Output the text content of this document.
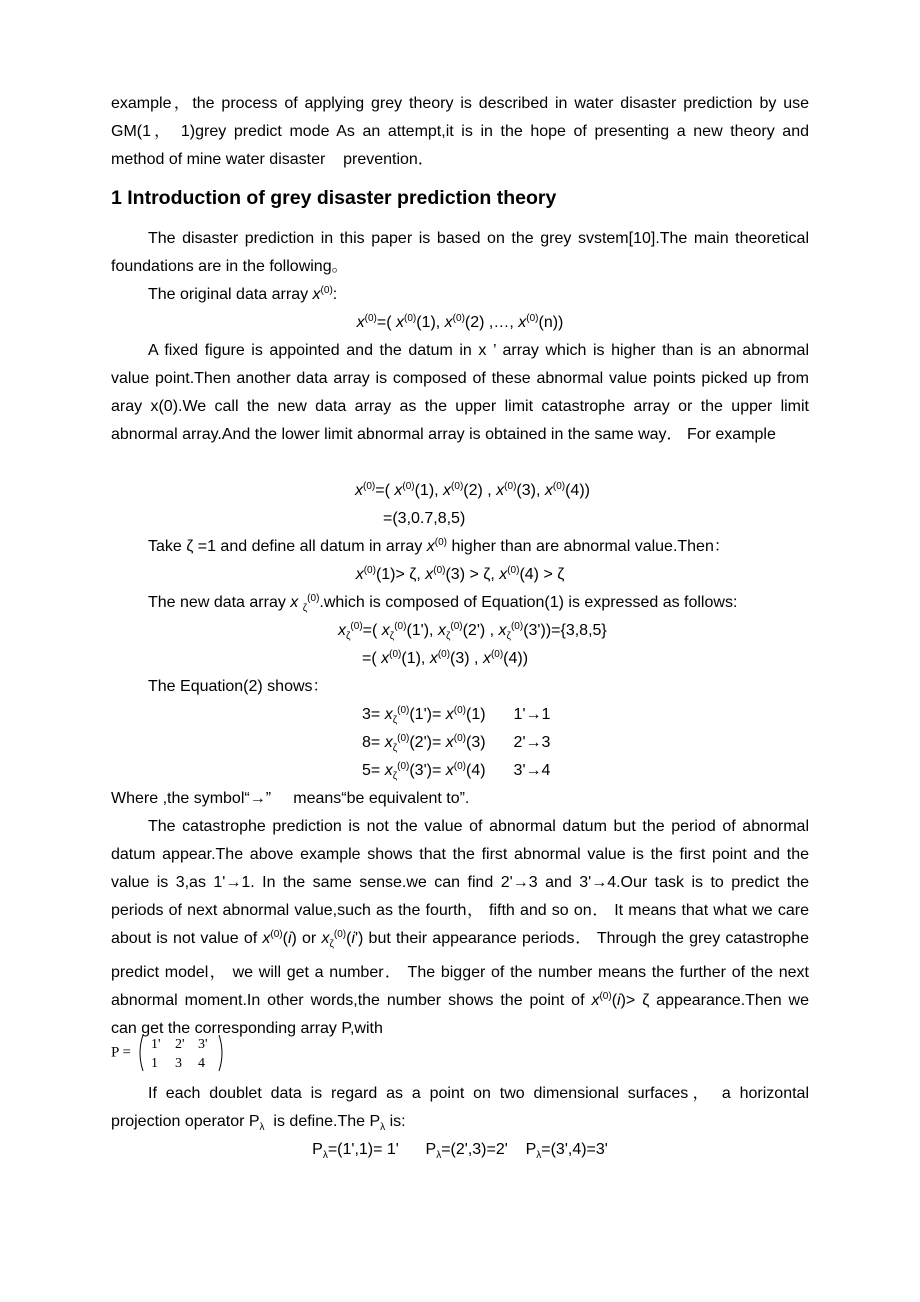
example，the process of applying grey theory is described in water disaster prediction by use GM(1， 1)grey predict mode As an attempt,it is in the hope of presenting a new theory and method of mine water disaster    prevention．

1 Introduction of grey disaster prediction theory

The disaster prediction in this paper is based on the grey svstem[10].The main theoretical foundations are in the following。

The original data array $x^{(0)}$:
$x^{(0)}=$( $x^{(0)}(1)$, $x^{(0)}(2)$ ,…, $x^{(0)}(n)$)

A fixed figure is appointed and the datum in x ’ array which is higher than is an abnormal value point.Then another data array is composed of these abnormal value points picked up from aray x(0).We call the new data array as the upper limit catastrophe array or the upper limit abnormal array.And the lower limit abnormal array is obtained in the same way． For example

$x^{(0)}=$( $x^{(0)}(1)$, $x^{(0)}(2)$ , $x^{(0)}(3)$, $x^{(0)}(4)$)
=(3,0.7,8,5)
Take ζ =1 and define all datum in array $x^{(0)}$ higher than are abnormal value.Then：
$x^{(0)}(1)> \zeta$, $x^{(0)}(3) > \zeta$, $x^{(0)}(4) > \zeta$
The new data array x $_\zeta^{(0)}$.which is composed of Equation(1) is expressed as follows:
$x_\zeta^{(0)}=$( $x_\zeta^{(0)}(1')$, $x_\zeta^{(0)}(2')$ , $x_\zeta^{(0)}(3'))=\{3,8,5\}$
=( $x^{(0)}(1)$, $x^{(0)}(3)$ , $x^{(0)}(4)$)
The Equation(2) shows：
$3= x_\zeta^{(0)}(1')= x^{(0)}(1)$ 1'→1
$8= x_\zeta^{(0)}(2')= x^{(0)}(3)$ 2'→3
$5= x_\zeta^{(0)}(3')= x^{(0)}(4)$ 3'→4
Where ,the symbol“→”     means“be equivalent to”.

The catastrophe prediction is not the value of abnormal datum but the period of abnormal datum appear.The above example shows that the first abnormal value is the first point and the value is 3,as 1'→1. In the same sense.we can find 2'→3 and 3'→4.Our task is to predict the periods of next abnormal value,such as the fourth， fifth and so on． It means that what we care about is not value of $x^{(0)}(i)$ or $x_\zeta^{(0)}(i')$ but their appearance periods． Through the grey catastrophe predict model， we will get a number． The bigger of the number means the further of the next abnormal moment.In other words,the number shows the point of $x^{(0)}(i)> \zeta$ appearance.Then we can get the corresponding array P,with

P = 1' 2' 3'
1 3 4

If each doublet data is regard as a point on two dimensional surfaces， a horizontal projection operator $P_\lambda$  is define.The $P_\lambda$ is:

$P_\lambda=(1',1)= 1'$      $P_\lambda=(2',3)=2'$    $P_\lambda=(3',4)=3'$
